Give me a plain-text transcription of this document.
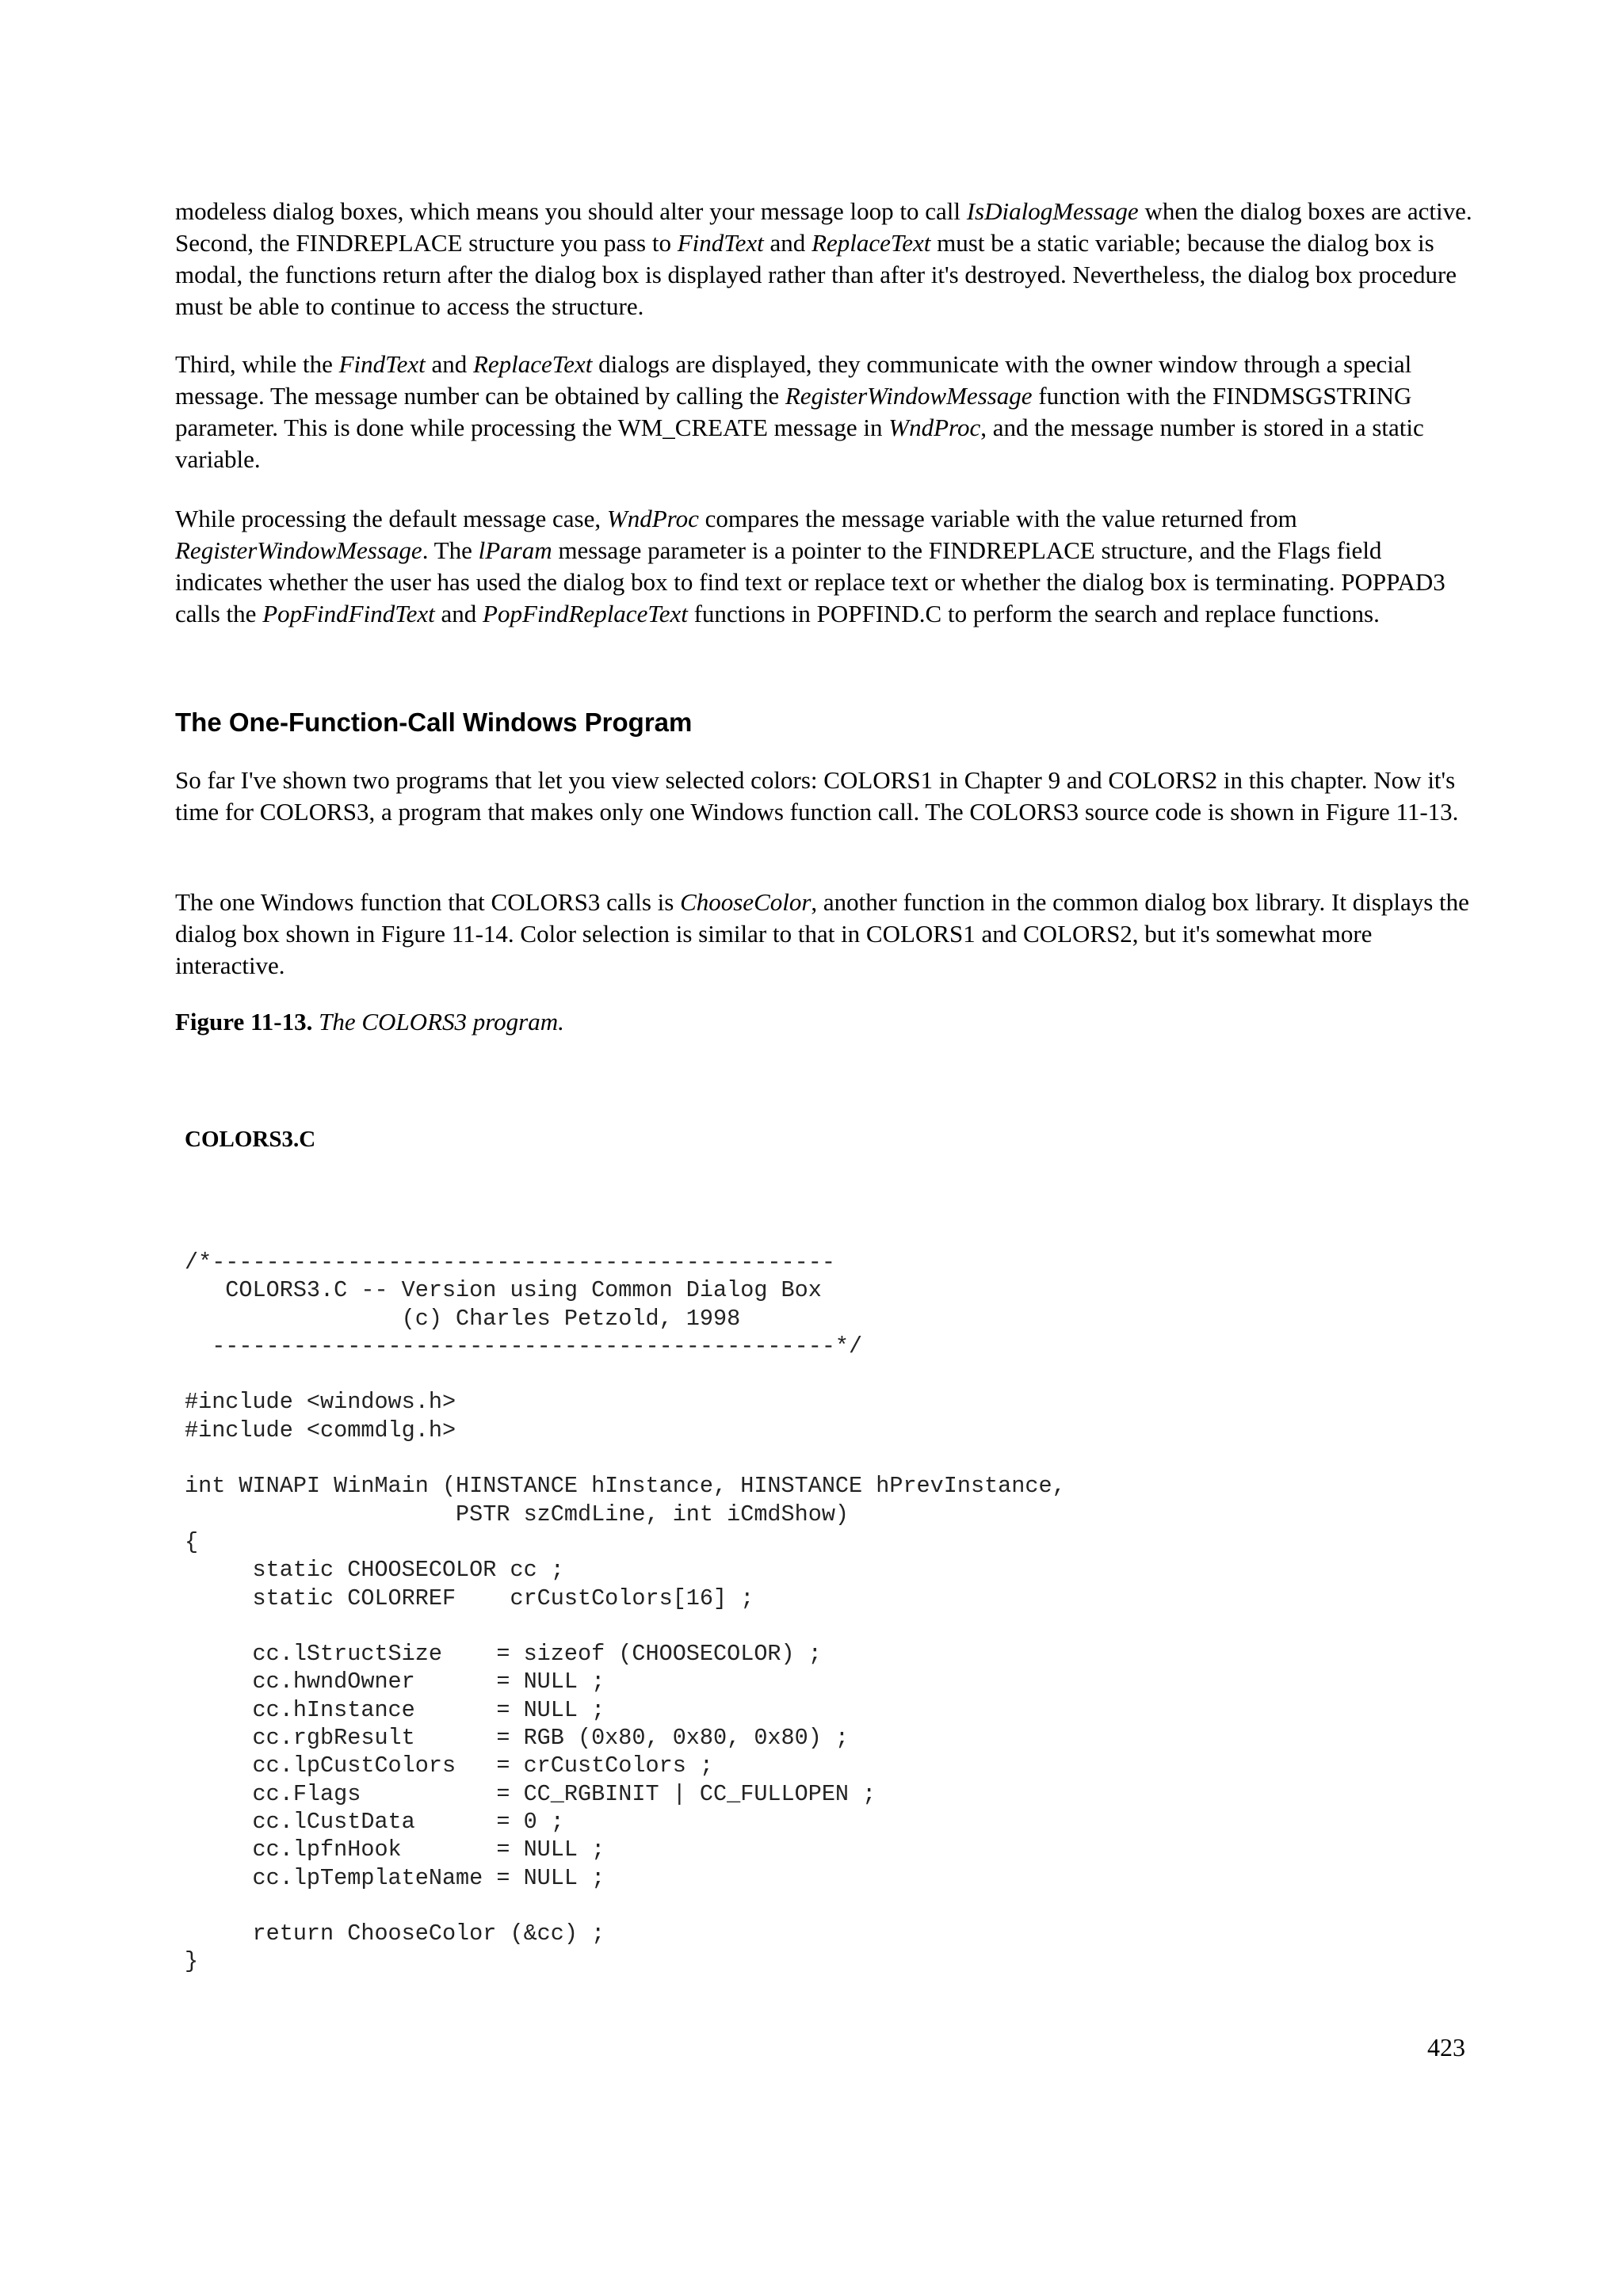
modeless dialog boxes, which means you should alter your message loop to call IsDialogMessage when the dialog boxes are active. Second, the FINDREPLACE structure you pass to FindText and ReplaceText must be a static variable; because the dialog box is modal, the functions return after the dialog box is displayed rather than after it's destroyed. Nevertheless, the dialog box procedure must be able to continue to access the structure.

Third, while the FindText and ReplaceText dialogs are displayed, they communicate with the owner window through a special message. The message number can be obtained by calling the RegisterWindowMessage function with the FINDMSGSTRING parameter. This is done while processing the WM_CREATE message in WndProc, and the message number is stored in a static variable.

While processing the default message case, WndProc compares the message variable with the value returned from RegisterWindowMessage. The lParam message parameter is a pointer to the FINDREPLACE structure, and the Flags field indicates whether the user has used the dialog box to find text or replace text or whether the dialog box is terminating. POPPAD3 calls the PopFindFindText and PopFindReplaceText functions in POPFIND.C to perform the search and replace functions.

The One-Function-Call Windows Program

So far I've shown two programs that let you view selected colors: COLORS1 in Chapter 9 and COLORS2 in this chapter. Now it's time for COLORS3, a program that makes only one Windows function call. The COLORS3 source code is shown in Figure 11-13.

The one Windows function that COLORS3 calls is ChooseColor, another function in the common dialog box library. It displays the dialog box shown in Figure 11-14. Color selection is similar to that in COLORS1 and COLORS2, but it's somewhat more interactive.

Figure 11-13. The COLORS3 program.

COLORS3.C

/*----------------------------------------------
COLORS3.C -- Version using Common Dialog Box
(c) Charles Petzold, 1998
----------------------------------------------*/

#include <windows.h>
#include <commdlg.h>

int WINAPI WinMain (HINSTANCE hInstance, HINSTANCE hPrevInstance,
PSTR szCmdLine, int iCmdShow)
{
static CHOOSECOLOR cc ;
static COLORREF    crCustColors[16] ;

cc.lStructSize    = sizeof (CHOOSECOLOR) ;
cc.hwndOwner      = NULL ;
cc.hInstance      = NULL ;
cc.rgbResult      = RGB (0x80, 0x80, 0x80) ;
cc.lpCustColors   = crCustColors ;
cc.Flags          = CC_RGBINIT | CC_FULLOPEN ;
cc.lCustData      = 0 ;
cc.lpfnHook       = NULL ;
cc.lpTemplateName = NULL ;

return ChooseColor (&cc) ;
}

423
